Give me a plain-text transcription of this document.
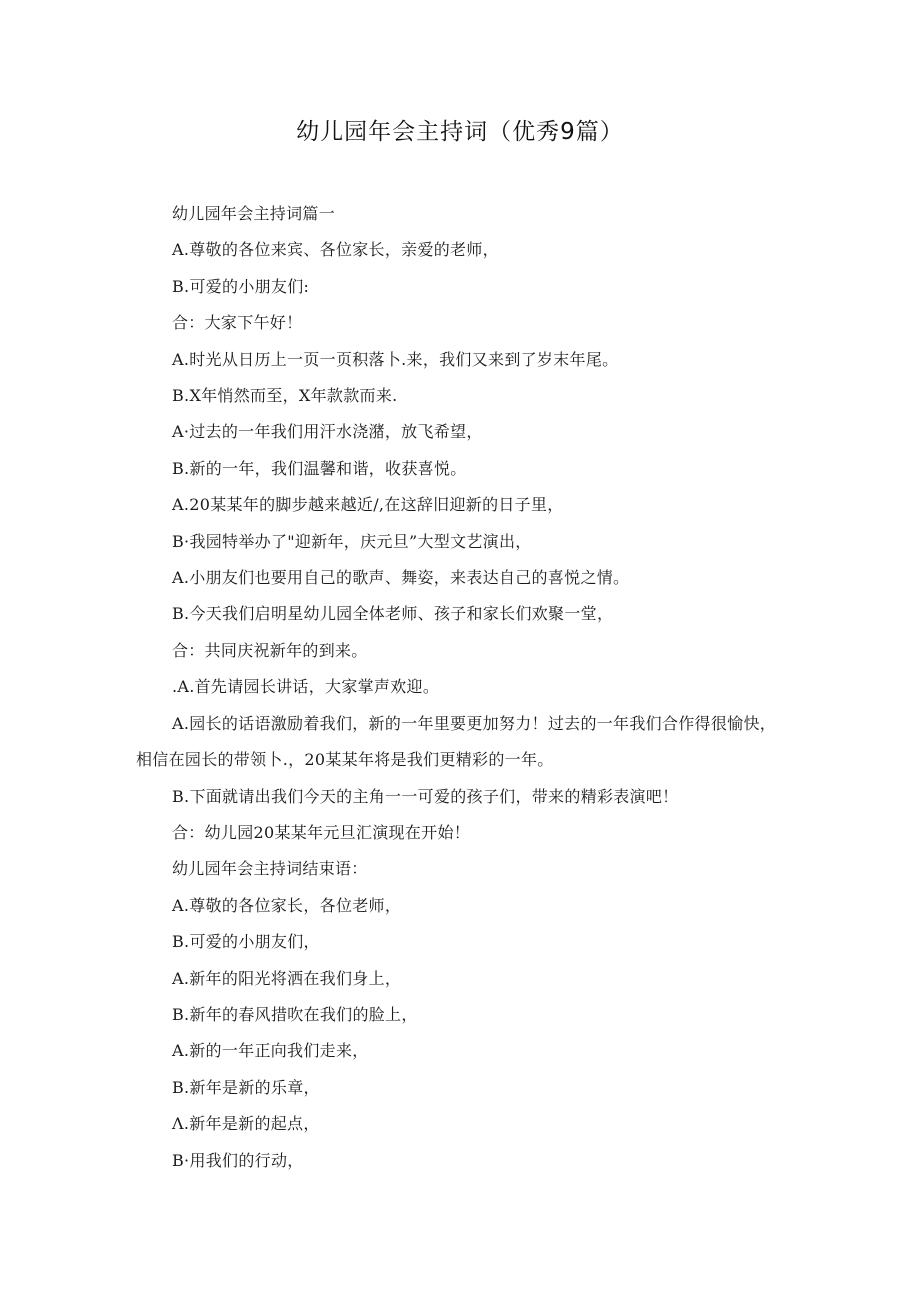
幼儿园年会主持词（优秀9篇）

幼儿园年会主持词篇一

A.尊敬的各位来宾、各位家长，亲爱的老师，

B.可爱的小朋友们:

合：大家下午好！

A.时光从日历上一页一页积落卜.来，我们又来到了岁末年尾。

B.X年悄然而至，X年款款而来.

A·过去的一年我们用汗水浇潴，放飞希望，

B.新的一年，我们温馨和谐，收获喜悦。

A.20某某年的脚步越来越近/,在这辞旧迎新的日子里，

B·我园特举办了"迎新年，庆元旦”大型文艺演出，

A.小朋友们也要用自己的歌声、舞姿，来表达自己的喜悦之情。

B.今天我们启明星幼儿园全体老师、孩子和家长们欢聚一堂，

合：共同庆祝新年的到来。

.A.首先请园长讲话，大家掌声欢迎。

A.园长的话语激励着我们，新的一年里要更加努力！过去的一年我们合作得很愉快，相信在园长的带领卜.，20某某年将是我们更精彩的一年。

B.下面就请出我们今天的主角一一可爱的孩子们，带来的精彩表演吧！

合：幼儿园20某某年元旦汇演现在开始！

幼儿园年会主持词结束语：

A.尊敬的各位家长，各位老师，

B.可爱的小朋友们，

A.新年的阳光将洒在我们身上，

B.新年的春风措吹在我们的脸上，

A.新的一年正向我们走来，

B.新年是新的乐章，

Λ.新年是新的起点，

B·用我们的行动，
